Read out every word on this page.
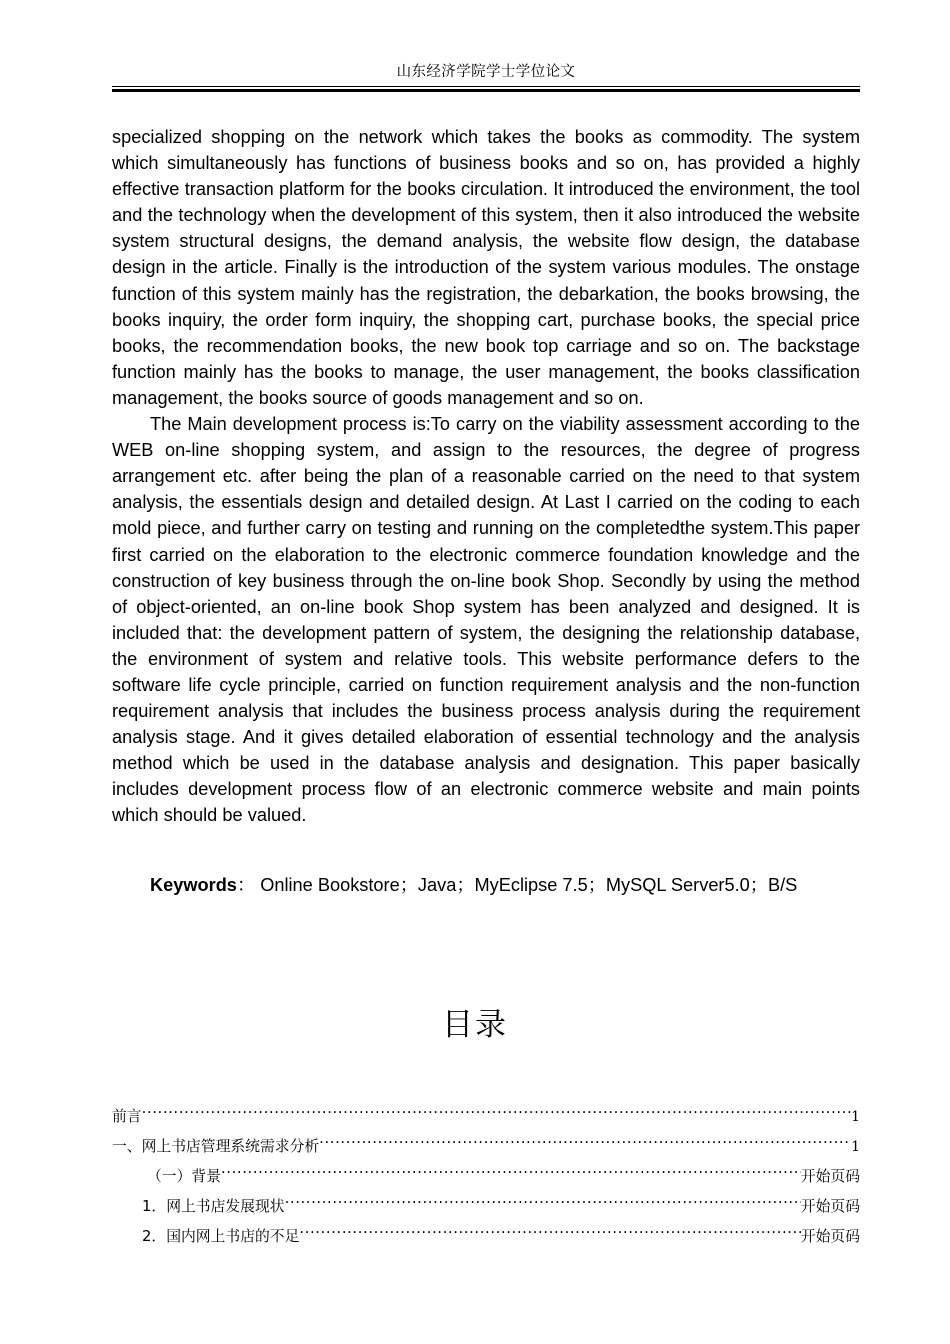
山东经济学院学士学位论文

specialized shopping on the network which takes the books as commodity. The system which simultaneously has functions of business books and so on, has provided a highly effective transaction platform for the books circulation. It introduced the environment, the tool and the technology when the development of this system, then it also introduced the website system structural designs, the demand analysis, the website flow design, the database design in the article. Finally is the introduction of the system various modules. The onstage function of this system mainly has the registration, the debarkation, the books browsing, the books inquiry, the order form inquiry, the shopping cart, purchase books, the special price books, the recommendation books, the new book top carriage and so on. The backstage function mainly has the books to manage, the user management, the books classification management, the books source of goods management and so on.

The Main development process is:To carry on the viability assessment according to the WEB on-line shopping system, and assign to the resources, the degree of progress arrangement etc. after being the plan of a reasonable carried on the need to that system analysis, the essentials design and detailed design. At Last I carried on the coding to each mold piece, and further carry on testing and running on the completedthe system.This paper first carried on the elaboration to the electronic commerce foundation knowledge and the construction of key business through the on-line book Shop. Secondly by using the method of object-oriented, an on-line book Shop system has been analyzed and designed. It is included that: the development pattern of system, the designing the relationship database, the environment of system and relative tools. This website performance defers to the software life cycle principle, carried on function requirement analysis and the non-function requirement analysis that includes the business process analysis during the requirement analysis stage. And it gives detailed elaboration of essential technology and the analysis method which be used in the database analysis and designation. This paper basically includes development process flow of an electronic commerce website and main points which should be valued.

Keywords： Online Bookstore；Java；MyEclipse 7.5；MySQL Server5.0；B/S
目录
前言 .....	1
一、网上书店管理系统需求分析 .....	1
（一）背景 .....	开始页码
1．网上书店发展现状 .....	开始页码
2．国内网上书店的不足 .....	开始页码
